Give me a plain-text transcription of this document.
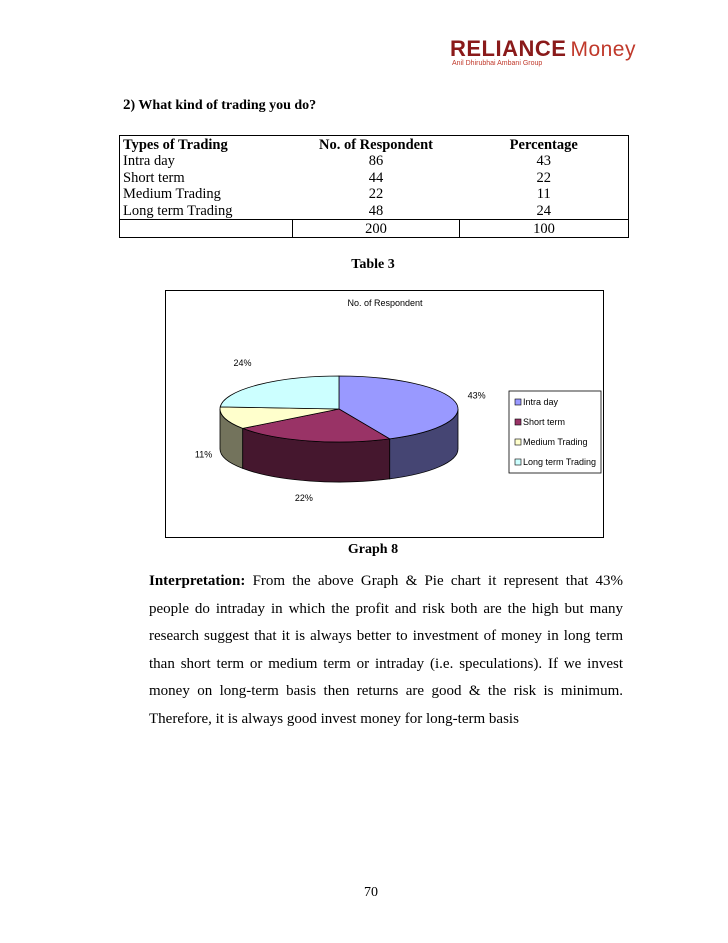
RELIANCE Money
Anil Dhirubhai Ambani Group
2) What kind of trading you do?
Types of Trading	No. of Respondent	Percentage
Intra day	86	43
Short term	44	22
Medium Trading	22	11
Long term Trading	48	24
	200	100
Table 3
No. of Respondent
43%
22%
11%
24%
Intra day
Short term
Medium Trading
Long term Trading
Graph 8
Interpretation: From the above Graph & Pie chart it represent that 43% people do intraday in which the profit and risk both are the high but many research suggest that it is always better to investment of money in long term than short term or medium term or intraday (i.e. speculations). If we invest money on long-term basis then returns are good & the risk is minimum. Therefore, it is always good invest money for long-term basis
70
